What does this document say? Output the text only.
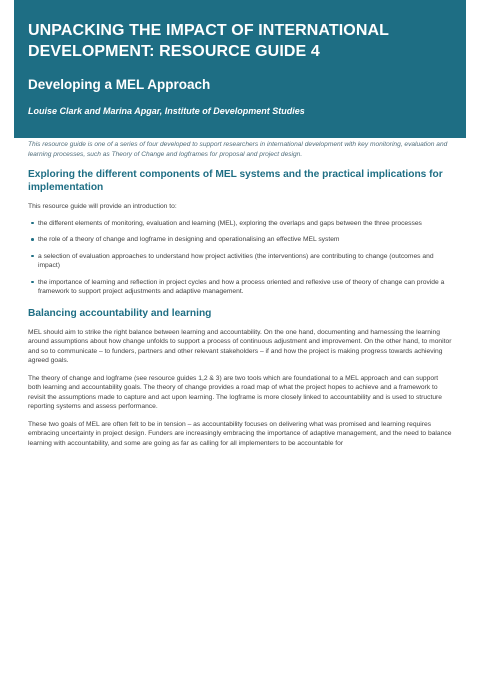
UNPACKING THE IMPACT OF INTERNATIONAL DEVELOPMENT: RESOURCE GUIDE 4
Developing a MEL Approach

Louise Clark and Marina Apgar, Institute of Development Studies

This resource guide is one of a series of four developed to support researchers in international development with key monitoring, evaluation and learning processes, such as Theory of Change and logframes for proposal and project design.

Exploring the different components of MEL systems and the practical implications for implementation

This resource guide will provide an introduction to:

the different elements of monitoring, evaluation and learning (MEL), exploring the overlaps and gaps between the three processes
the role of a theory of change and logframe in designing and operationalising an effective MEL system
a selection of evaluation approaches to understand how project activities (the interventions) are contributing to change (outcomes and impact)
the importance of learning and reflection in project cycles and how a process oriented and reflexive use of theory of change can provide a framework to support project adjustments and adaptive management.
Balancing accountability and learning

MEL should aim to strike the right balance between learning and accountability. On the one hand, documenting and harnessing the learning around assumptions about how change unfolds to support a process of continuous adjustment and improvement. On the other hand, to monitor and so to communicate – to funders, partners and other relevant stakeholders – if and how the project is making progress towards achieving agreed goals.

The theory of change and logframe (see resource guides 1,2 & 3) are two tools which are foundational to a MEL approach and can support both learning and accountability goals. The theory of change provides a road map of what the project hopes to achieve and a framework to revisit the assumptions made to capture and act upon learning. The logframe is more closely linked to accountability and is used to structure reporting systems and assess performance.

These two goals of MEL are often felt to be in tension – as accountability focuses on delivering what was promised and learning requires embracing uncertainty in project design. Funders are increasingly embracing the importance of adaptive management, and the need to balance learning with accountability, and some are going as far as calling for all implementers to be accountable for
